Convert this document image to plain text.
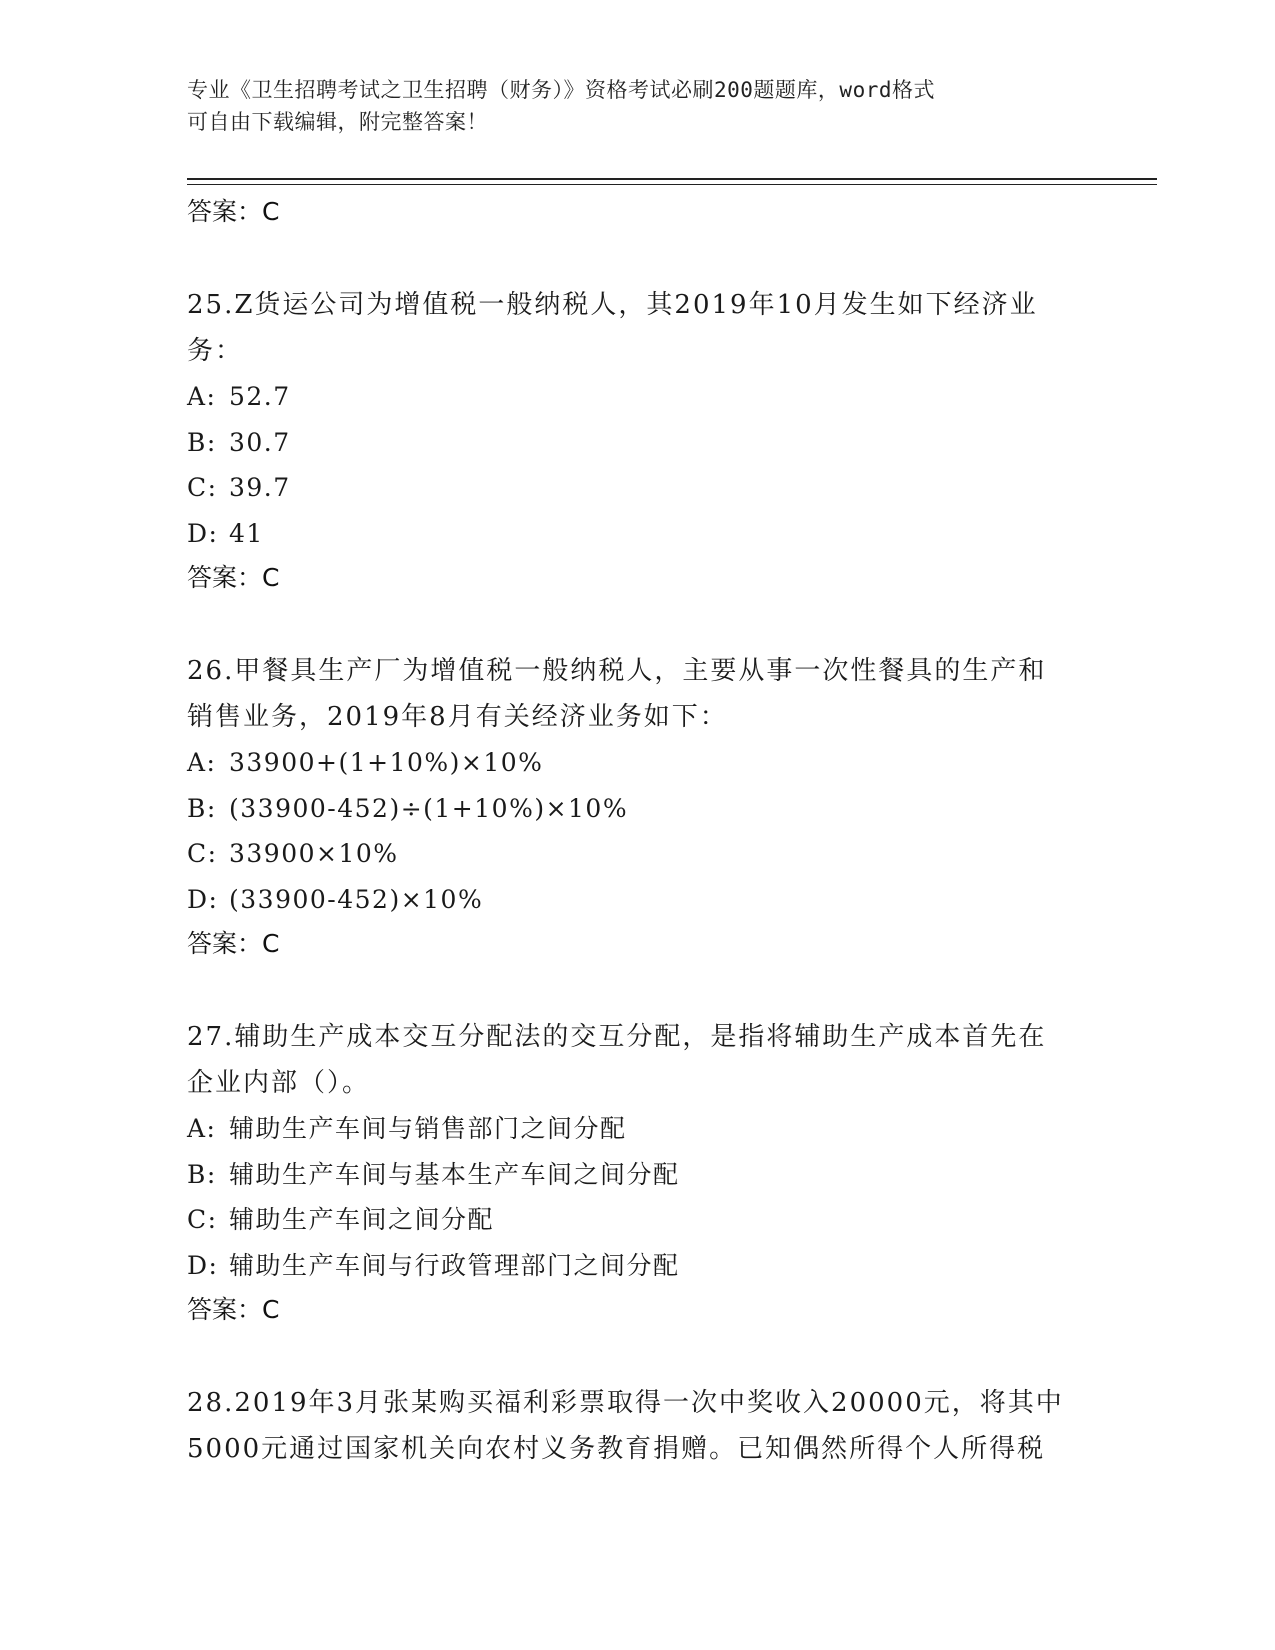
专业《卫生招聘考试之卫生招聘（财务）》资格考试必刷200题题库，word格式
可自由下载编辑，附完整答案！
答案：C
25.Z货运公司为增值税一般纳税人，其2019年10月发生如下经济业
务：
A: 52.7
B: 30.7
C: 39.7
D: 41
答案：C
26.甲餐具生产厂为增值税一般纳税人，主要从事一次性餐具的生产和
销售业务，2019年8月有关经济业务如下：
A: 33900+(1+10%)×10%
B: (33900-452)÷(1+10%)×10%
C: 33900×10%
D: (33900-452)×10%
答案：C
27.辅助生产成本交互分配法的交互分配，是指将辅助生产成本首先在
企业内部（）。
A: 辅助生产车间与销售部门之间分配
B: 辅助生产车间与基本生产车间之间分配
C: 辅助生产车间之间分配
D: 辅助生产车间与行政管理部门之间分配
答案：C
28.2019年3月张某购买福利彩票取得一次中奖收入20000元，将其中
5000元通过国家机关向农村义务教育捐赠。已知偶然所得个人所得税
